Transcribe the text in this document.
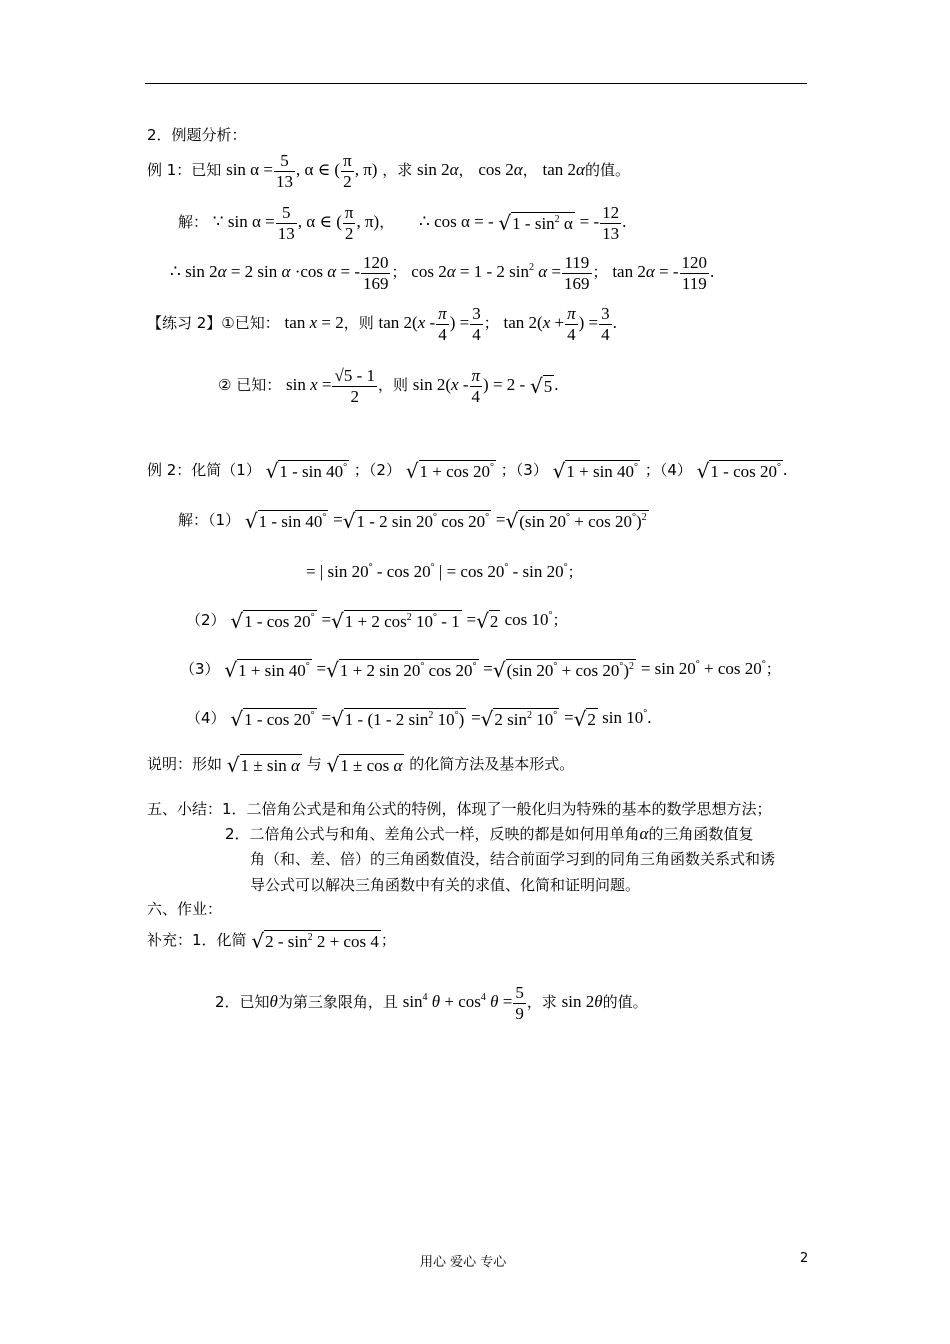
2．例题分析：
例 1：已知 $\sin \alpha = \frac{5}{13}$ , α ∈ ( $\frac{\pi}{2}$ , π) ，求 sin 2α， cos 2α， tan 2α的值。
解： ∵ $\sin \alpha = \frac{5}{13}$ , α ∈ ( $\frac{\pi}{2}$ , π)， ∴ cos α = - $√1 - \sin^2 \alpha$ = - $\frac{12}{13}$ .
∴ sin 2α = 2 sin α ·cos α = - $\frac{120}{169}$ ； cos 2α = 1 - 2 $\sin^2 \alpha = \frac{119}{169}$ ； tan 2α = - $\frac{120}{119}$ .
【练习 2】①已知： tan x = 2，则 $\tan 2(x - \frac{\pi}{4}$ ) = $\frac{3}{4}$ ； $\tan 2(x + \frac{\pi}{4}$ ) = $\frac{3}{4}$ .
② 已知： $\sin x = \frac{√5 - 1}{2}$ ，则 $\sin 2(x - \frac{\pi}{4}$ ) = 2 - √5 .
例 2：化简（1） √1 - sin 40° ；（2） √1 + cos 20° ；（3） √1 + sin 40° ；（4） √1 - cos 20° .
解：（1） √1 - sin 40° =√1 - 2 sin 20° cos 20° =√(sin 20° + cos 20°)$^2$
= | sin 20° - cos 20° | = cos 20° - sin 20°；
（2） √1 - cos 20° =√1 + 2 $\cos^2 10^\circ - 1 =√2$ cos 10°；
（3） √1 + sin 40° =√1 + 2 sin 20° cos 20° =√(sin 20° + cos 20°)$^2$ = sin 20° + cos 20°；
（4） √1 - cos 20° =√1 - (1 - 2 $\sin^2 10^\circ) =√2$ $\sin^2 10^\circ =√2$ sin 10°.
说明：形如 √1 ± sin α 与 √1 ± cos α 的化简方法及基本形式。
五、小结：1．二倍角公式是和角公式的特例，体现了一般化归为特殊的基本的数学思想方法；
2．二倍角公式与和角、差角公式一样，反映的都是如何用单角α的三角函数值复
角（和、差、倍）的三角函数值没，结合前面学习到的同角三角函数关系式和诱
导公式可以解决三角函数中有关的求值、化简和证明问题。
六、作业：
补充：1．化简 $√2 - \sin^2 2 + \cos 4$ ；
2．已知θ为第三象限角，且 $\sin^4 \theta + \cos^4 \theta = \frac{5}{9}$ ，求 sin 2θ的值。
用心 爱心 专心	2
